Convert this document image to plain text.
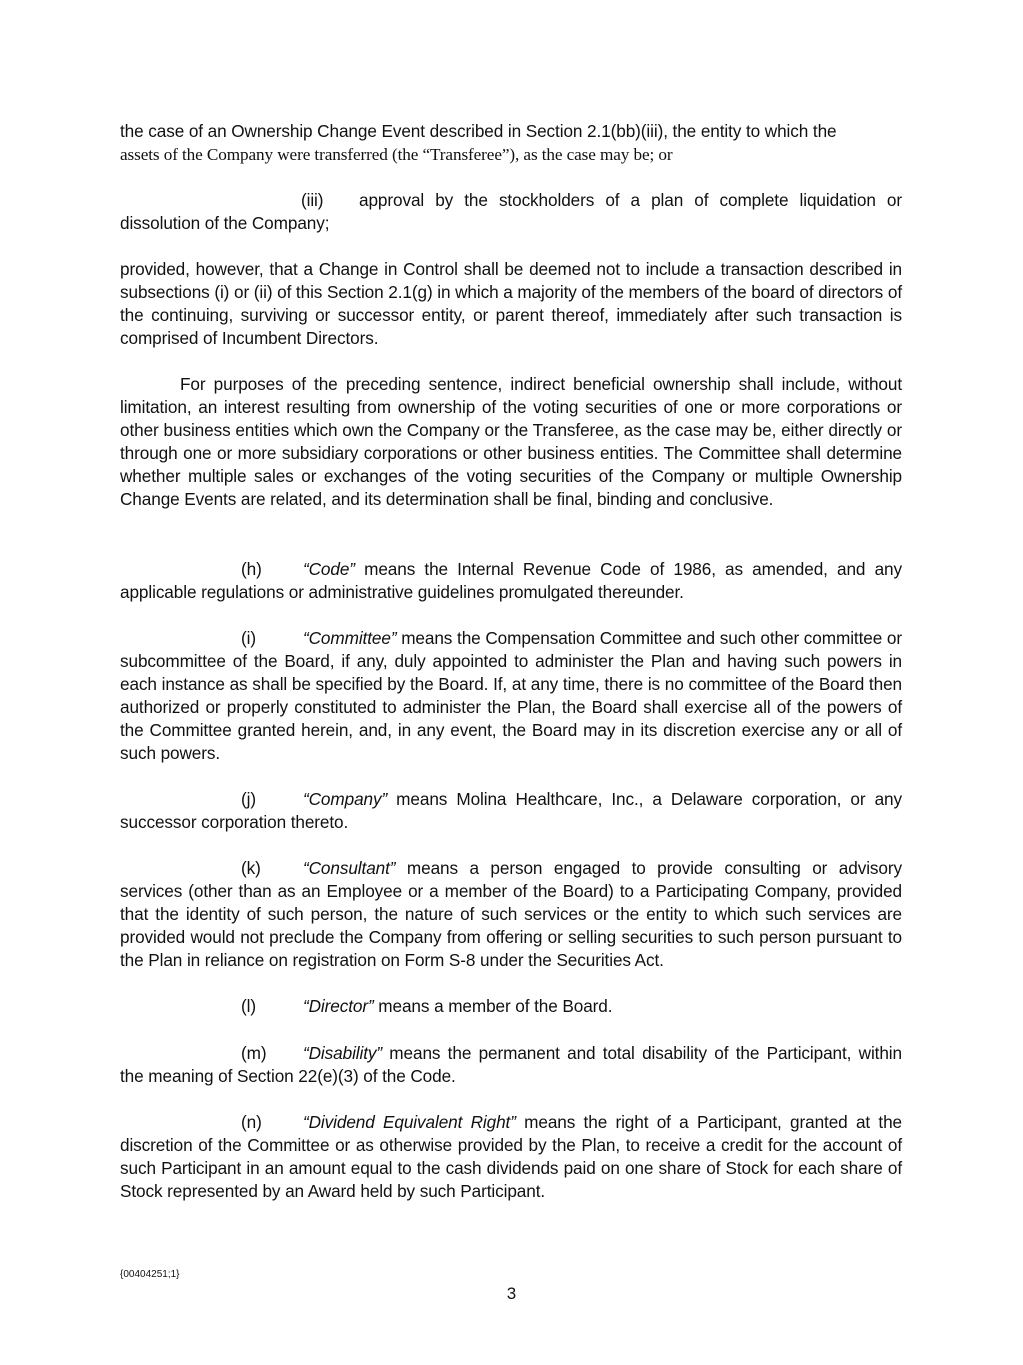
the case of an Ownership Change Event described in Section 2.1(bb)(iii), the entity to which the
assets of the Company were transferred (the “Transferee”), as the case may be; or

(iii) approval by the stockholders of a plan of complete liquidation or dissolution of the Company;

provided, however, that a Change in Control shall be deemed not to include a transaction described in subsections (i) or (ii) of this Section 2.1(g) in which a majority of the members of the board of directors of the continuing, surviving or successor entity, or parent thereof, immediately after such transaction is comprised of Incumbent Directors.

For purposes of the preceding sentence, indirect beneficial ownership shall include, without limitation, an interest resulting from ownership of the voting securities of one or more corporations or other business entities which own the Company or the Transferee, as the case may be, either directly or through one or more subsidiary corporations or other business entities. The Committee shall determine whether multiple sales or exchanges of the voting securities of the Company or multiple Ownership Change Events are related, and its determination shall be final, binding and conclusive.

(h) “Code” means the Internal Revenue Code of 1986, as amended, and any applicable regulations or administrative guidelines promulgated thereunder.

(i)	“Committee” means the Compensation Committee and such other committee or subcommittee of the Board, if any, duly appointed to administer the Plan and having such powers in each instance as shall be specified by the Board. If, at any time, there is no committee of the Board then authorized or properly constituted to administer the Plan, the Board shall exercise all of the powers of the Committee granted herein, and, in any event, the Board may in its discretion exercise any or all of such powers.

(j)	“Company” means Molina Healthcare, Inc., a Delaware corporation, or any successor corporation thereto.

(k) “Consultant” means a person engaged to provide consulting or advisory services (other than as an Employee or a member of the Board) to a Participating Company, provided that the identity of such person, the nature of such services or the entity to which such services are provided would not preclude the Company from offering or selling securities to such person pursuant to the Plan in reliance on registration on Form S-8 under the Securities Act.

(l)	“Director” means a member of the Board.

(m) “Disability” means the permanent and total disability of the Participant, within the meaning of Section 22(e)(3) of the Code.

(n) “Dividend Equivalent Right” means the right of a Participant, granted at the discretion of the Committee or as otherwise provided by the Plan, to receive a credit for the account of such Participant in an amount equal to the cash dividends paid on one share of Stock for each share of Stock represented by an Award held by such Participant.

{00404251;1}
3
